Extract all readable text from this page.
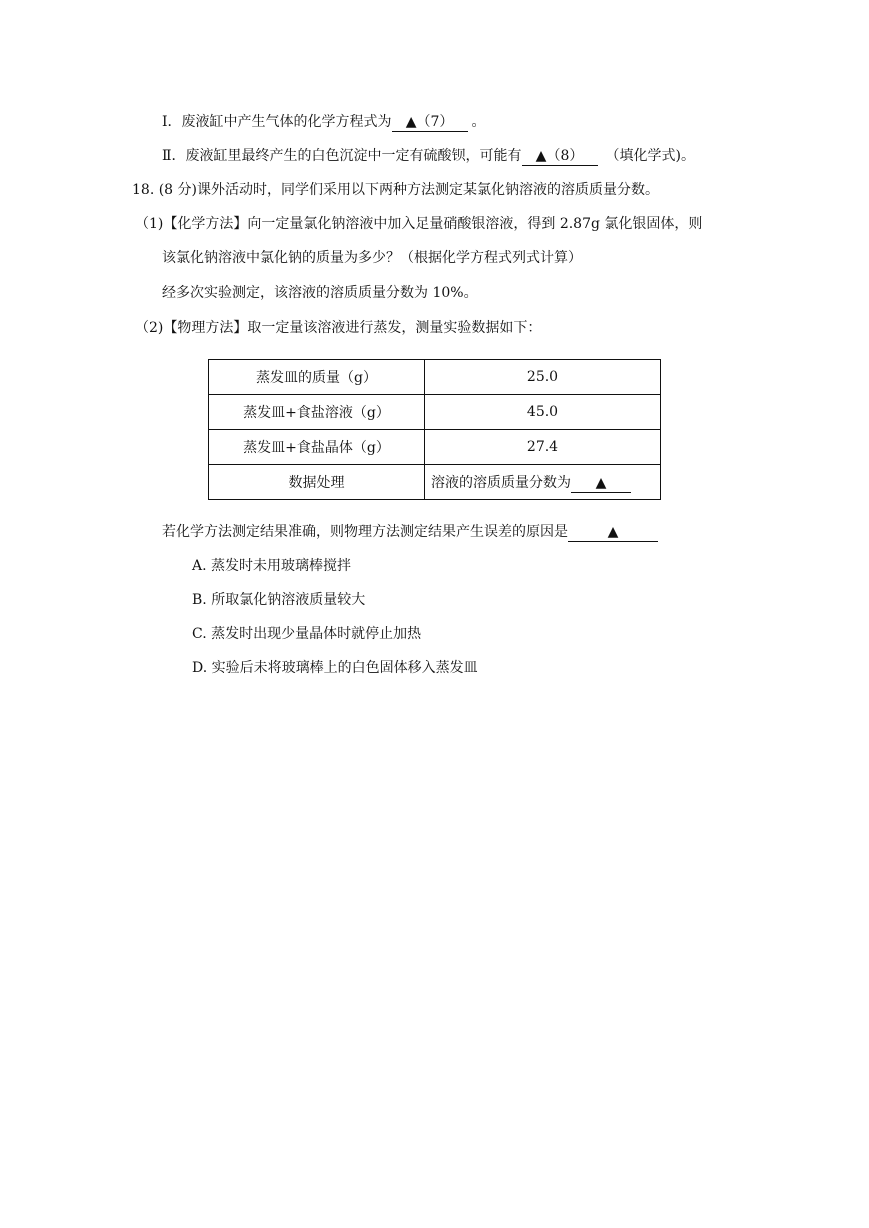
Ⅰ．废液缸中产生气体的化学方程式为 ▲（7） 。
Ⅱ．废液缸里最终产生的白色沉淀中一定有硫酸钡，可能有 ▲（8） （填化学式)。
18. (8 分)课外活动时，同学们采用以下两种方法测定某氯化钠溶液的溶质质量分数。
（1)【化学方法】向一定量氯化钠溶液中加入足量硝酸银溶液，得到 2.87g 氯化银固体，则
该氯化钠溶液中氯化钠的质量为多少？（根据化学方程式列式计算）
经多次实验测定，该溶液的溶质质量分数为 10%。
（2)【物理方法】取一定量该溶液进行蒸发，测量实验数据如下：
蒸发皿的质量（g）	25.0
蒸发皿+食盐溶液（g）	45.0
蒸发皿+食盐晶体（g）	27.4
数据处理	溶液的溶质质量分数为 ▲
若化学方法测定结果准确，则物理方法测定结果产生误差的原因是	▲
A. 蒸发时未用玻璃棒搅拌
B. 所取氯化钠溶液质量较大
C. 蒸发时出现少量晶体时就停止加热
D. 实验后未将玻璃棒上的白色固体移入蒸发皿
